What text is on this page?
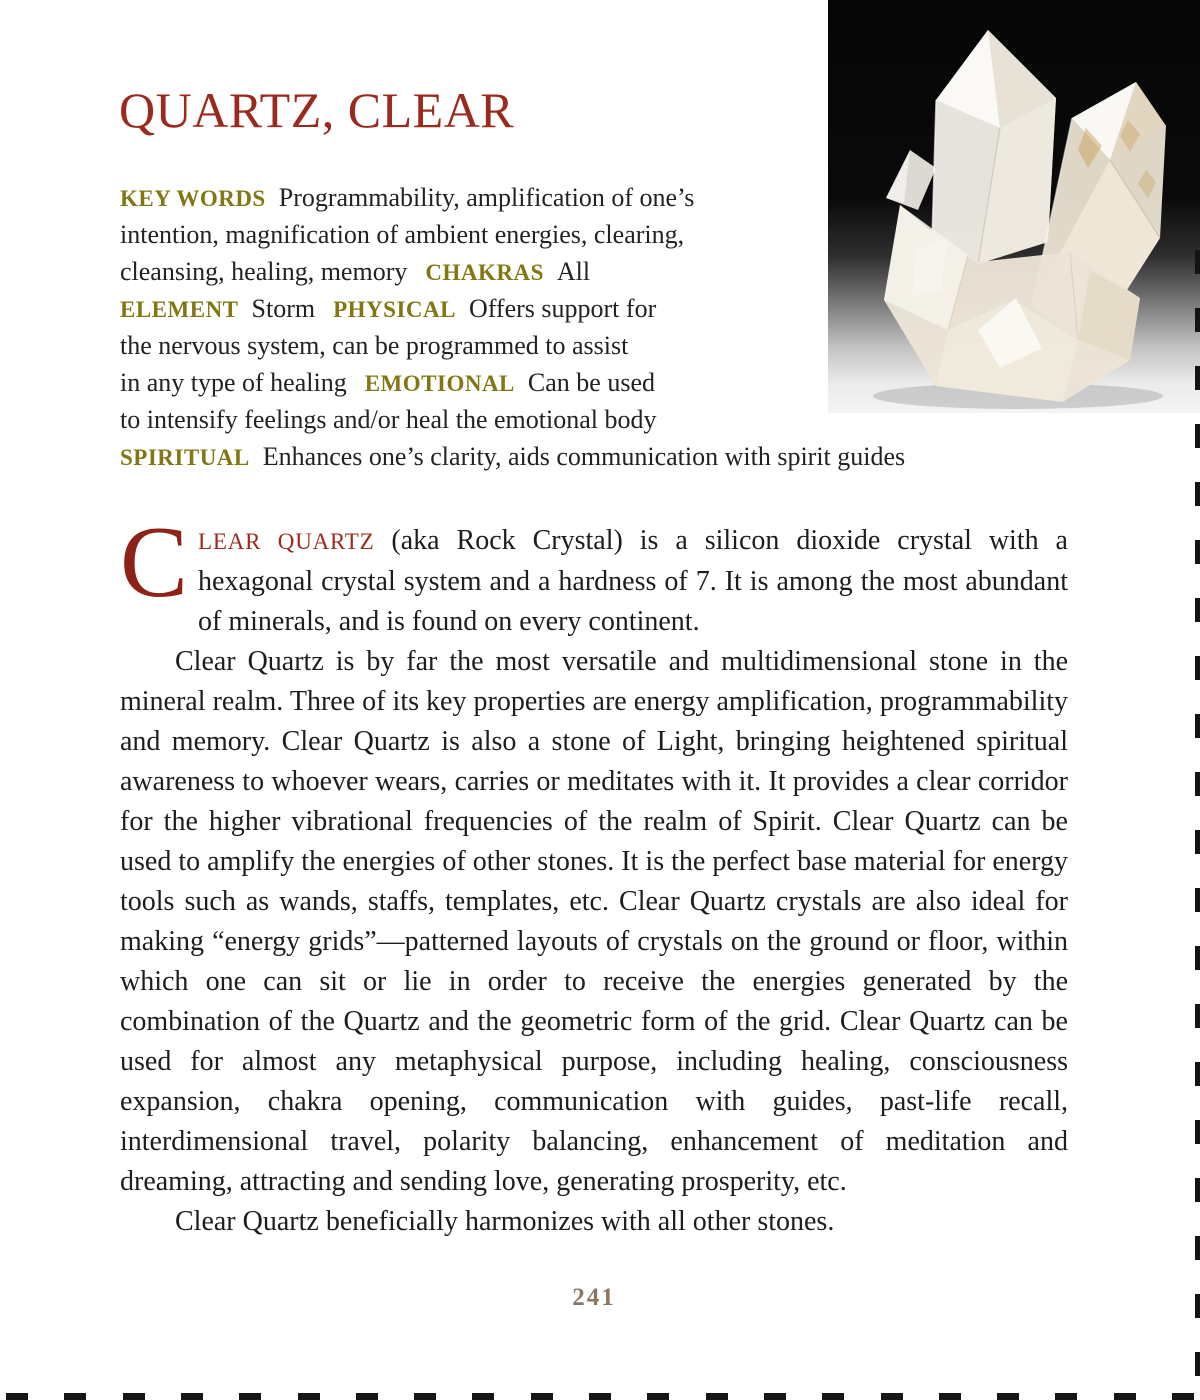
QUARTZ, CLEAR
KEY WORDS Programmability, amplification of one’s
intention, magnification of ambient energies, clearing,
cleansing, healing, memory CHAKRAS All
ELEMENT Storm PHYSICAL Offers support for
the nervous system, can be programmed to assist
in any type of healing EMOTIONAL Can be used
to intensify feelings and/or heal the emotional body
SPIRITUAL Enhances one’s clarity, aids communication with spirit guides

CLEAR QUARTZ (aka Rock Crystal) is a silicon dioxide crystal with a hexagonal crystal system and a hardness of 7. It is among the most abundant of minerals, and is found on every continent.

Clear Quartz is by far the most versatile and multidimensional stone in the mineral realm. Three of its key properties are energy amplification, programmability and memory. Clear Quartz is also a stone of Light, bringing heightened spiritual awareness to whoever wears, carries or meditates with it. It provides a clear corridor for the higher vibrational frequencies of the realm of Spirit. Clear Quartz can be used to amplify the energies of other stones. It is the perfect base material for energy tools such as wands, staffs, templates, etc. Clear Quartz crystals are also ideal for making “energy grids”—patterned layouts of crystals on the ground or floor, within which one can sit or lie in order to receive the energies generated by the combination of the Quartz and the geometric form of the grid. Clear Quartz can be used for almost any metaphysical purpose, including healing, consciousness expansion, chakra opening, communication with guides, past-life recall, interdimensional travel, polarity balancing, enhancement of meditation and dreaming, attracting and sending love, generating prosperity, etc.

Clear Quartz beneficially harmonizes with all other stones.

241
